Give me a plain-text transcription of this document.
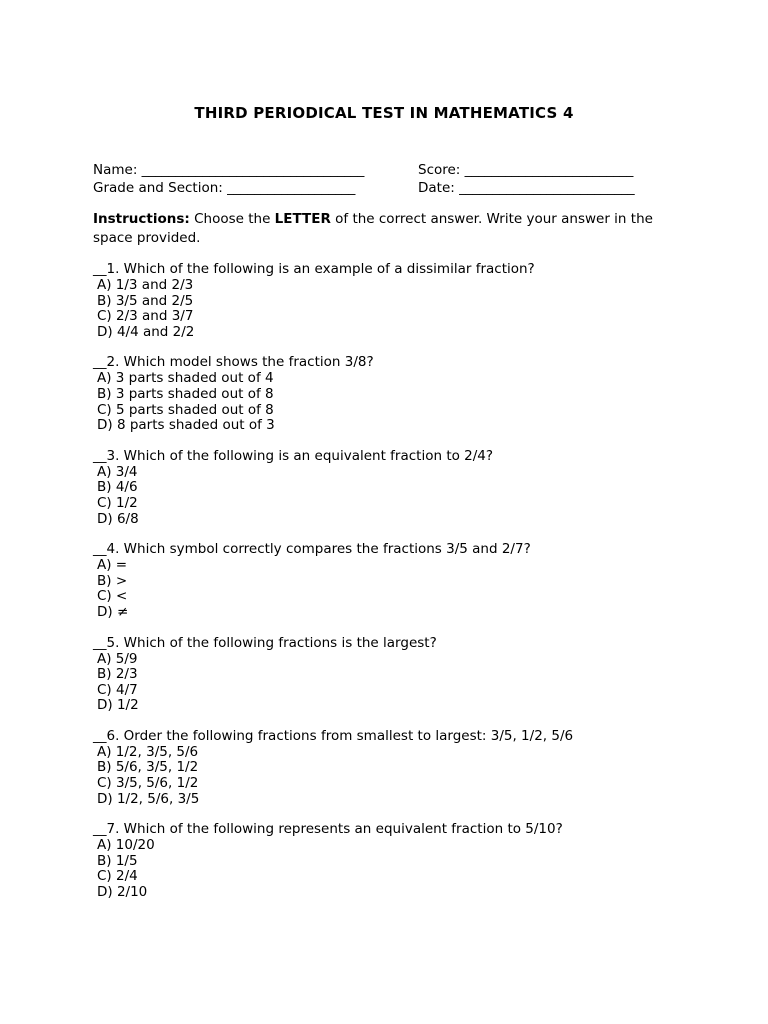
THIRD PERIODICAL TEST IN MATHEMATICS 4
Name: _________________________________	Score: _________________________
Grade and Section: ___________________	Date: __________________________
Instructions: Choose the LETTER of the correct answer. Write your answer in the space provided.
__1. Which of the following is an example of a dissimilar fraction?
A) 1/3 and 2/3
B) 3/5 and 2/5
C) 2/3 and 3/7
D) 4/4 and 2/2
__2. Which model shows the fraction 3/8?
A) 3 parts shaded out of 4
B) 3 parts shaded out of 8
C) 5 parts shaded out of 8
D) 8 parts shaded out of 3
__3. Which of the following is an equivalent fraction to 2/4?
A) 3/4
B) 4/6
C) 1/2
D) 6/8
__4. Which symbol correctly compares the fractions 3/5 and 2/7?
A) =
B) >
C) <
D) ≠
__5. Which of the following fractions is the largest?
A) 5/9
B) 2/3
C) 4/7
D) 1/2
__6. Order the following fractions from smallest to largest: 3/5, 1/2, 5/6
A) 1/2, 3/5, 5/6
B) 5/6, 3/5, 1/2
C) 3/5, 5/6, 1/2
D) 1/2, 5/6, 3/5
__7. Which of the following represents an equivalent fraction to 5/10?
A) 10/20
B) 1/5
C) 2/4
D) 2/10
